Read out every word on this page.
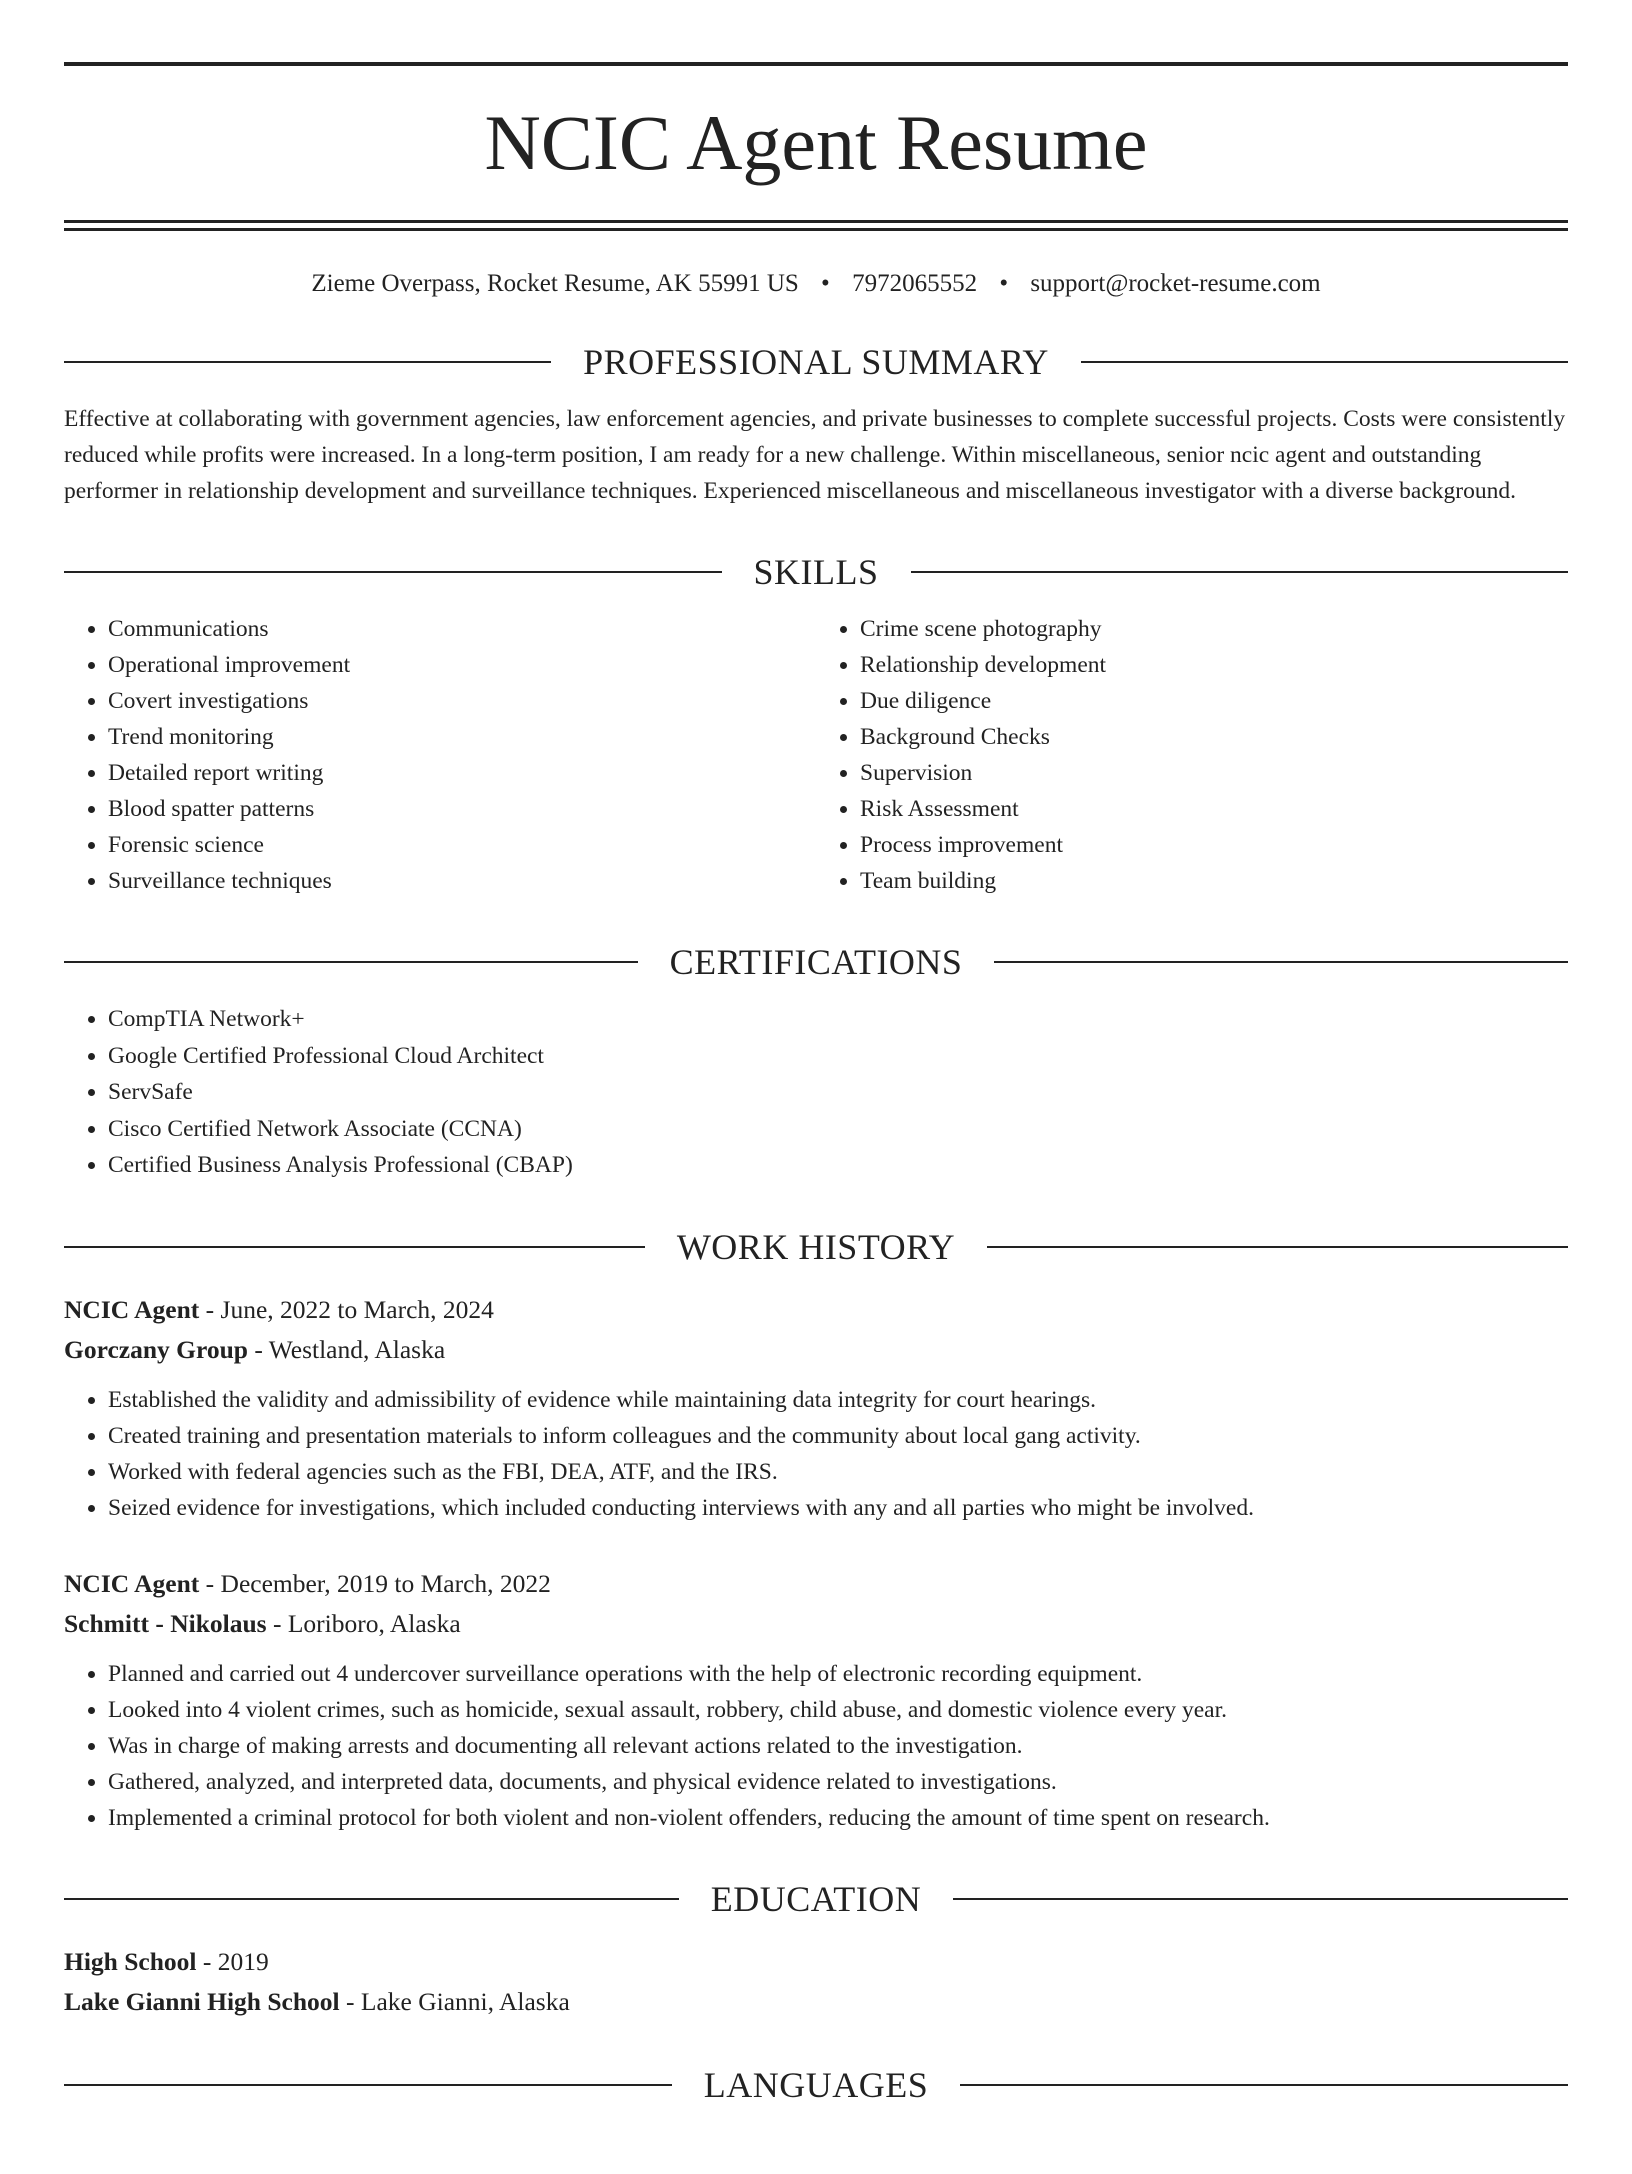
NCIC Agent Resume
Zieme Overpass, Rocket Resume, AK 55991 US • 7972065552 • support@rocket-resume.com
PROFESSIONAL SUMMARY

Effective at collaborating with government agencies, law enforcement agencies, and private businesses to complete successful projects. Costs were consistently reduced while profits were increased. In a long-term position, I am ready for a new challenge. Within miscellaneous, senior ncic agent and outstanding performer in relationship development and surveillance techniques. Experienced miscellaneous and miscellaneous investigator with a diverse background.

SKILLS
• Communications
• Operational improvement
• Covert investigations
• Trend monitoring
• Detailed report writing
• Blood spatter patterns
• Forensic science
• Surveillance techniques
• Crime scene photography
• Relationship development
• Due diligence
• Background Checks
• Supervision
• Risk Assessment
• Process improvement
• Team building
CERTIFICATIONS
• CompTIA Network+
• Google Certified Professional Cloud Architect
• ServSafe
• Cisco Certified Network Associate (CCNA)
• Certified Business Analysis Professional (CBAP)
WORK HISTORY
NCIC Agent - June, 2022 to March, 2024
Gorczany Group - Westland, Alaska
• Established the validity and admissibility of evidence while maintaining data integrity for court hearings.
• Created training and presentation materials to inform colleagues and the community about local gang activity.
• Worked with federal agencies such as the FBI, DEA, ATF, and the IRS.
• Seized evidence for investigations, which included conducting interviews with any and all parties who might be involved.
NCIC Agent - December, 2019 to March, 2022
Schmitt - Nikolaus - Loriboro, Alaska
• Planned and carried out 4 undercover surveillance operations with the help of electronic recording equipment.
• Looked into 4 violent crimes, such as homicide, sexual assault, robbery, child abuse, and domestic violence every year.
• Was in charge of making arrests and documenting all relevant actions related to the investigation.
• Gathered, analyzed, and interpreted data, documents, and physical evidence related to investigations.
• Implemented a criminal protocol for both violent and non-violent offenders, reducing the amount of time spent on research.
EDUCATION
High School - 2019
Lake Gianni High School - Lake Gianni, Alaska
LANGUAGES
